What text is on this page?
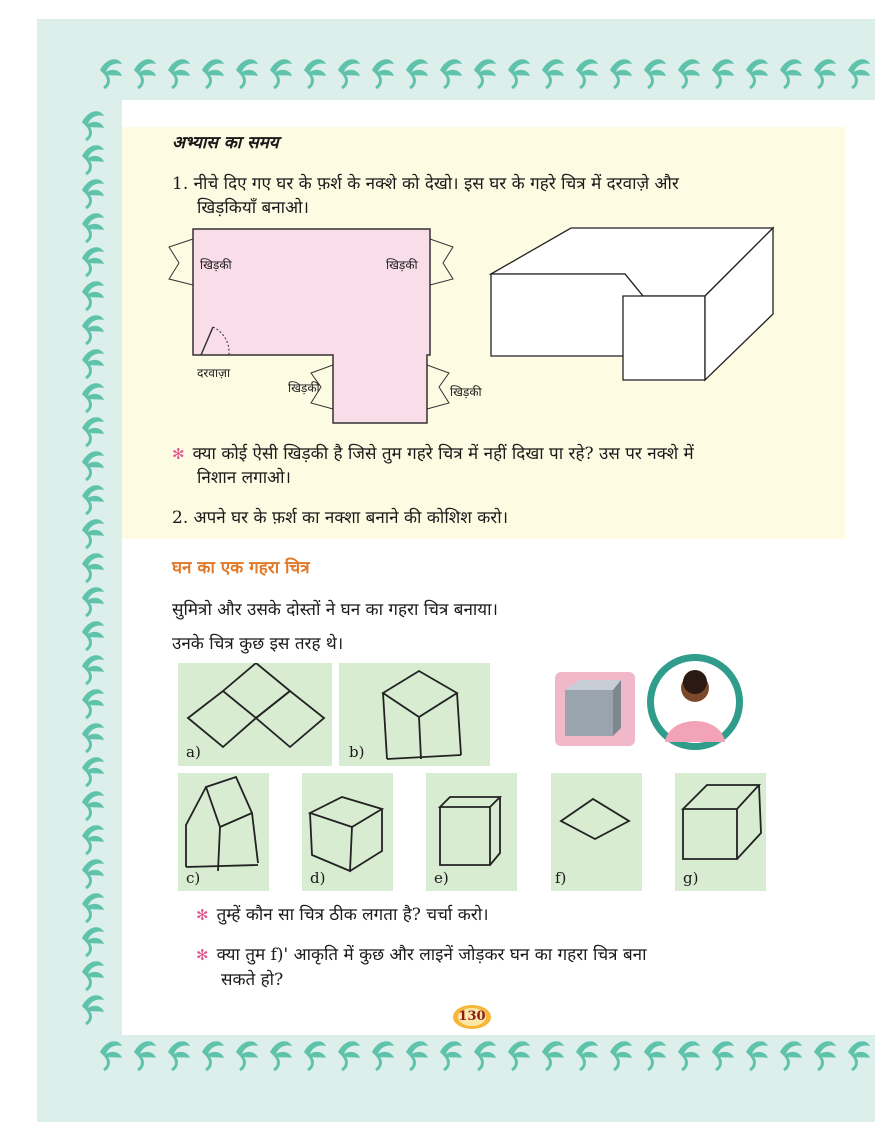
अभ्यास का समय
1. नीचे दिए गए घर के फ़र्श के नक्शे को देखो। इस घर के गहरे चित्र में दरवाज़े और
खिड़कियाँ बनाओ।
खिड़की	खिड़की
दरवाज़ा
खिड़की	खिड़की
✻ क्या कोई ऐसी खिड़की है जिसे तुम गहरे चित्र में नहीं दिखा पा रहे? उस पर नक्शे में
निशान लगाओ।
2. अपने घर के फ़र्श का नक्शा बनाने की कोशिश करो।
घन का एक गहरा चित्र
सुमित्रो और उसके दोस्तों ने घन का गहरा चित्र बनाया।
उनके चित्र कुछ इस तरह थे।
a)	b)
c)	d)	e)	f)	g)
✻ तुम्हें कौन सा चित्र ठीक लगता है? चर्चा करो।
✻ क्या तुम f)' आकृति में कुछ और लाइनें जोड़कर घन का गहरा चित्र बना
सकते हो?
130
